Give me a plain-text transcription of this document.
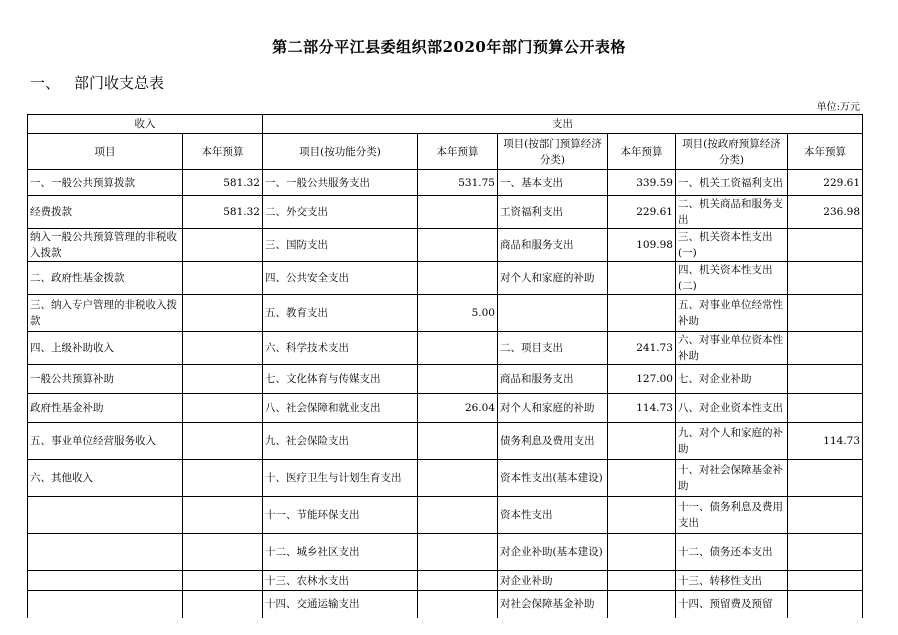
第二部分平江县委组织部2020年部门预算公开表格
一、 部门收支总表
单位:万元
收入		支出					
项目	本年预算	项目(按功能分类)	本年预算	项目(按部门预算经济分类)	本年预算	项目(按政府预算经济分类)	本年预算
一、一般公共预算拨款	581.32	一、一般公共服务支出	531.75	一、基本支出	339.59	一、机关工资福利支出	229.61
经费拨款	581.32	二、外交支出		工资福利支出	229.61	二、机关商品和服务支出	236.98
纳入一般公共预算管理的非税收入拨款		三、国防支出		商品和服务支出	109.98	三、机关资本性支出(一)	
二、政府性基金拨款		四、公共安全支出		对个人和家庭的补助		四、机关资本性支出(二)	
三、纳入专户管理的非税收入拨款		五、教育支出	5.00			五、对事业单位经常性补助	
四、上级补助收入		六、科学技术支出		二、项目支出	241.73	六、对事业单位资本性补助	
一般公共预算补助		七、文化体育与传媒支出		商品和服务支出	127.00	七、对企业补助	
政府性基金补助		八、社会保障和就业支出	26.04	对个人和家庭的补助	114.73	八、对企业资本性支出	
五、事业单位经营服务收入		九、社会保险支出		债务利息及费用支出		九、对个人和家庭的补助	114.73
六、其他收入		十、医疗卫生与计划生育支出		资本性支出(基本建设)		十、对社会保障基金补助	
		十一、节能环保支出		资本性支出		十一、债务利息及费用支出	
		十二、城乡社区支出		对企业补助(基本建设)		十二、债务还本支出	
		十三、农林水支出		对企业补助		十三、转移性支出	
		十四、交通运输支出		对社会保障基金补助		十四、预留费及预留	
